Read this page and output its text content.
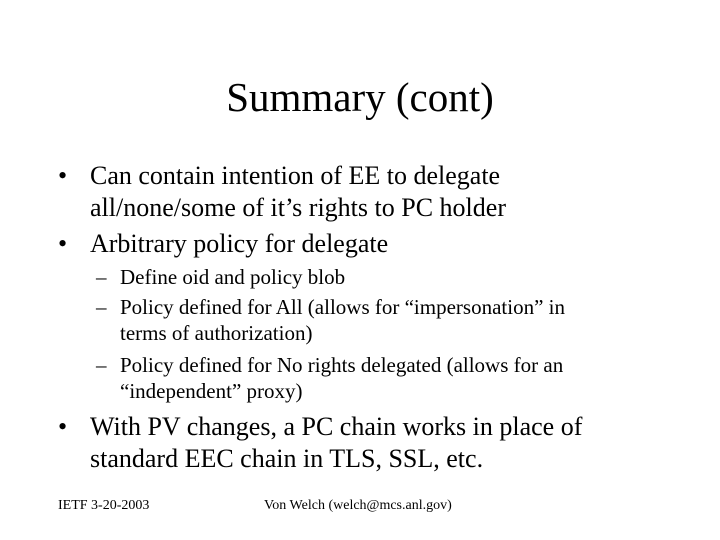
Summary (cont)
• Can contain intention of EE to delegate
all/none/some of it’s rights to PC holder
• Arbitrary policy for delegate
– Define oid and policy blob
– Policy defined for All (allows for “impersonation” in
terms of authorization)
– Policy defined for No rights delegated (allows for an
“independent” proxy)
• With PV changes, a PC chain works in place of
standard EEC chain in TLS, SSL, etc.
IETF 3-20-2003	Von Welch (welch@mcs.anl.gov)
